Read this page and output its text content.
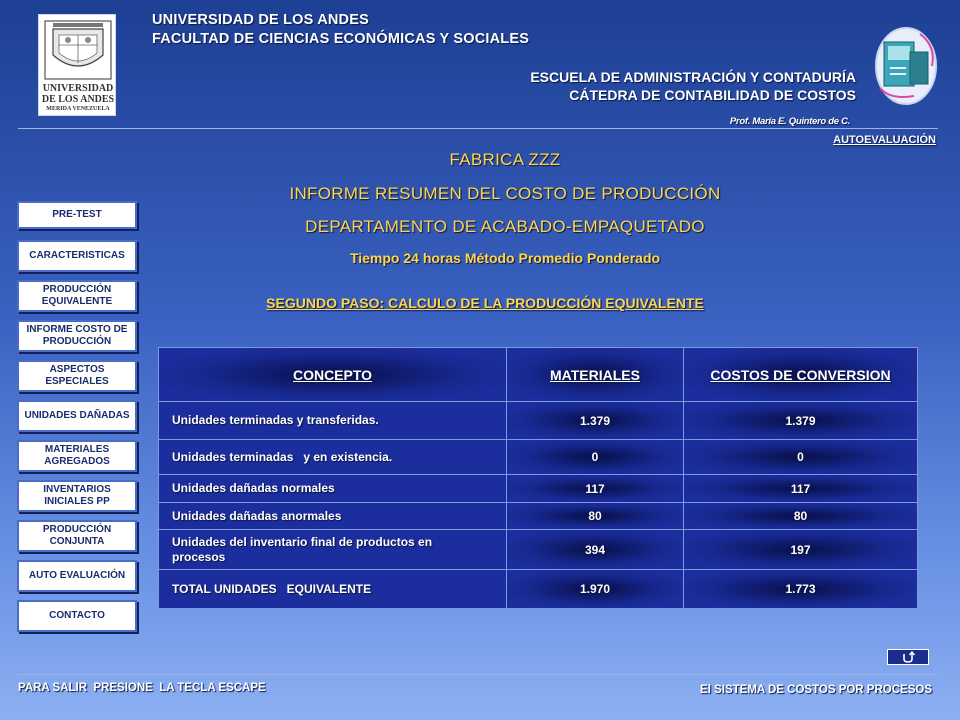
UNIVERSIDAD
DE LOS ANDES
MERIDA VENEZUELA
UNIVERSIDAD DE LOS ANDES
FACULTAD DE CIENCIAS ECONÓMICAS Y SOCIALES
ESCUELA DE ADMINISTRACIÓN Y CONTADURÍA
CÁTEDRA DE CONTABILIDAD DE COSTOS
Prof. María E. Quintero de C.
AUTOEVALUACIÓN
FABRICA ZZZ
INFORME RESUMEN DEL COSTO DE PRODUCCIÓN
DEPARTAMENTO DE ACABADO-EMPAQUETADO
Tiempo 24 horas Método Promedio Ponderado
SEGUNDO PASO: CALCULO DE LA PRODUCCIÓN EQUIVALENTE
PRE-TEST
CARACTERISTICAS
PRODUCCIÓN EQUIVALENTE
INFORME COSTO DE PRODUCCIÓN
ASPECTOS ESPECIALES
UNIDADES DAÑADAS
MATERIALES AGREGADOS
INVENTARIOS INICIALES PP
PRODUCCIÓN CONJUNTA
AUTO EVALUACIÓN
CONTACTO
CONCEPTO	MATERIALES	COSTOS DE CONVERSION
Unidades terminadas y transferidas.	1.379	1.379
Unidades terminadas   y en existencia.	0	0
Unidades dañadas normales	117	117
Unidades dañadas anormales	80	80
Unidades del inventario final de productos en procesos	394	197
TOTAL UNIDADES   EQUIVALENTE	1.970	1.773
PARA SALIR  PRESIONE  LA TECLA ESCAPE	El SISTEMA DE COSTOS POR PROCESOS
